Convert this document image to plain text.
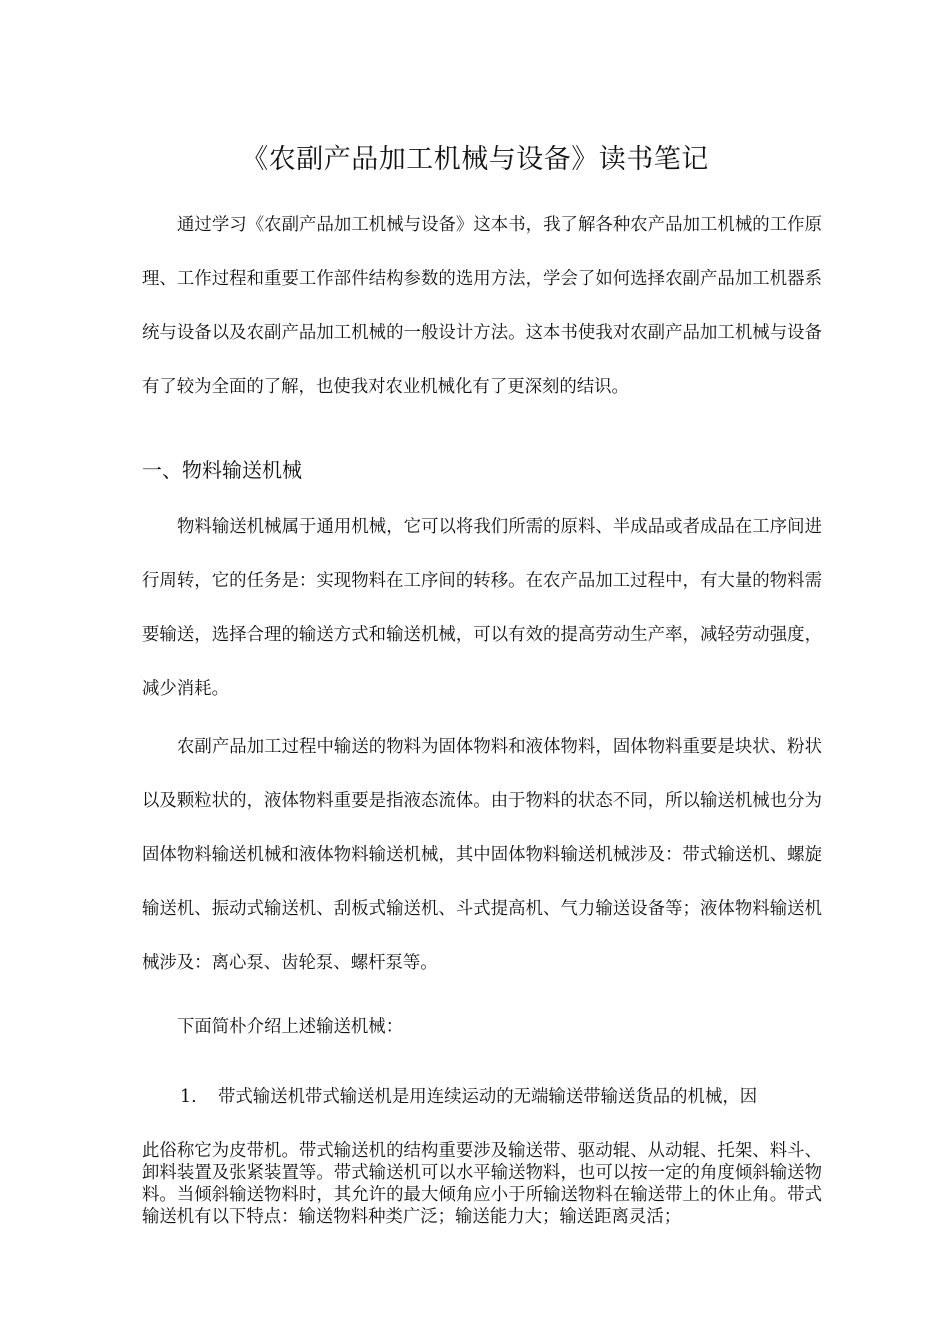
《农副产品加工机械与设备》读书笔记

通过学习《农副产品加工机械与设备》这本书，我了解各种农产品加工机械的工作原理、工作过程和重要工作部件结构参数的选用方法，学会了如何选择农副产品加工机器系统与设备以及农副产品加工机械的一般设计方法。这本书使我对农副产品加工机械与设备有了较为全面的了解，也使我对农业机械化有了更深刻的结识。

一、物料输送机械

物料输送机械属于通用机械，它可以将我们所需的原料、半成品或者成品在工序间进行周转，它的任务是：实现物料在工序间的转移。在农产品加工过程中，有大量的物料需要输送，选择合理的输送方式和输送机械，可以有效的提高劳动生产率，减轻劳动强度，减少消耗。

农副产品加工过程中输送的物料为固体物料和液体物料，固体物料重要是块状、粉状以及颗粒状的，液体物料重要是指液态流体。由于物料的状态不同，所以输送机械也分为固体物料输送机械和液体物料输送机械，其中固体物料输送机械涉及：带式输送机、螺旋输送机、振动式输送机、刮板式输送机、斗式提高机、气力输送设备等；液体物料输送机械涉及：离心泵、齿轮泵、螺杆泵等。

下面简朴介绍上述输送机械：

1. 带式输送机带式输送机是用连续运动的无端输送带输送货品的机械，因

此俗称它为皮带机。带式输送机的结构重要涉及输送带、驱动辊、从动辊、托架、料斗、卸料装置及张紧装置等。带式输送机可以水平输送物料，也可以按一定的角度倾斜输送物料。当倾斜输送物料时，其允许的最大倾角应小于所输送物料在输送带上的休止角。带式输送机有以下特点：输送物料种类广泛；输送能力大；输送距离灵活；
